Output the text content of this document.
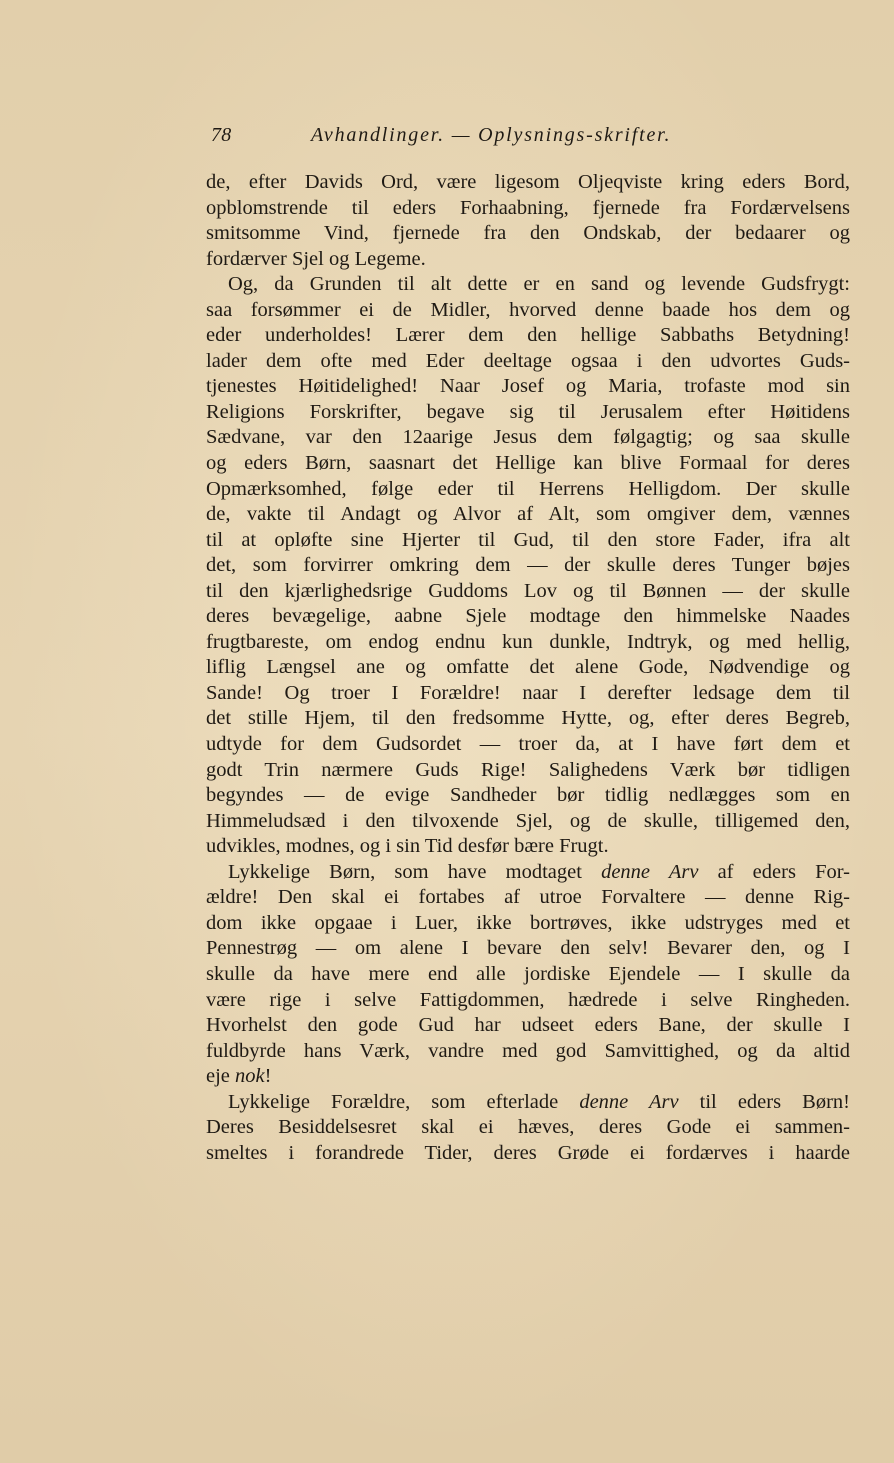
78	Avhandlinger. — Oplysnings-skrifter.
de, efter Davids Ord, være ligesom Oljeqviste kring eders Bord,
opblomstrende til eders Forhaabning, fjernede fra Fordærvelsens
smitsomme Vind, fjernede fra den Ondskab, der bedaarer og
fordærver Sjel og Legeme.
Og, da Grunden til alt dette er en sand og levende Gudsfrygt:
saa forsømmer ei de Midler, hvorved denne baade hos dem og
eder underholdes! Lærer dem den hellige Sabbaths Betydning!
lader dem ofte med Eder deeltage ogsaa i den udvortes Guds-
tjenestes Høitidelighed! Naar Josef og Maria, trofaste mod sin
Religions Forskrifter, begave sig til Jerusalem efter Høitidens
Sædvane, var den 12aarige Jesus dem følgagtig; og saa skulle
og eders Børn, saasnart det Hellige kan blive Formaal for deres
Opmærksomhed, følge eder til Herrens Helligdom. Der skulle
de, vakte til Andagt og Alvor af Alt, som omgiver dem, vænnes
til at opløfte sine Hjerter til Gud, til den store Fader, ifra alt
det, som forvirrer omkring dem — der skulle deres Tunger bøjes
til den kjærlighedsrige Guddoms Lov og til Bønnen — der skulle
deres bevægelige, aabne Sjele modtage den himmelske Naades
frugtbareste, om endog endnu kun dunkle, Indtryk, og med hellig,
liflig Længsel ane og omfatte det alene Gode, Nødvendige og
Sande! Og troer I Forældre! naar I derefter ledsage dem til
det stille Hjem, til den fredsomme Hytte, og, efter deres Begreb,
udtyde for dem Gudsordet — troer da, at I have ført dem et
godt Trin nærmere Guds Rige! Salighedens Værk bør tidligen
begyndes — de evige Sandheder bør tidlig nedlægges som en
Himmeludsæd i den tilvoxende Sjel, og de skulle, tilligemed den,
udvikles, modnes, og i sin Tid desfør bære Frugt.
Lykkelige Børn, som have modtaget denne Arv af eders For-
ældre! Den skal ei fortabes af utroe Forvaltere — denne Rig-
dom ikke opgaae i Luer, ikke bortrøves, ikke udstryges med et
Pennestrøg — om alene I bevare den selv! Bevarer den, og I
skulle da have mere end alle jordiske Ejendele — I skulle da
være rige i selve Fattigdommen, hædrede i selve Ringheden.
Hvorhelst den gode Gud har udseet eders Bane, der skulle I
fuldbyrde hans Værk, vandre med god Samvittighed, og da altid
eje nok!
Lykkelige Forældre, som efterlade denne Arv til eders Børn!
Deres Besiddelsesret skal ei hæves, deres Gode ei sammen-
smeltes i forandrede Tider, deres Grøde ei fordærves i haarde
